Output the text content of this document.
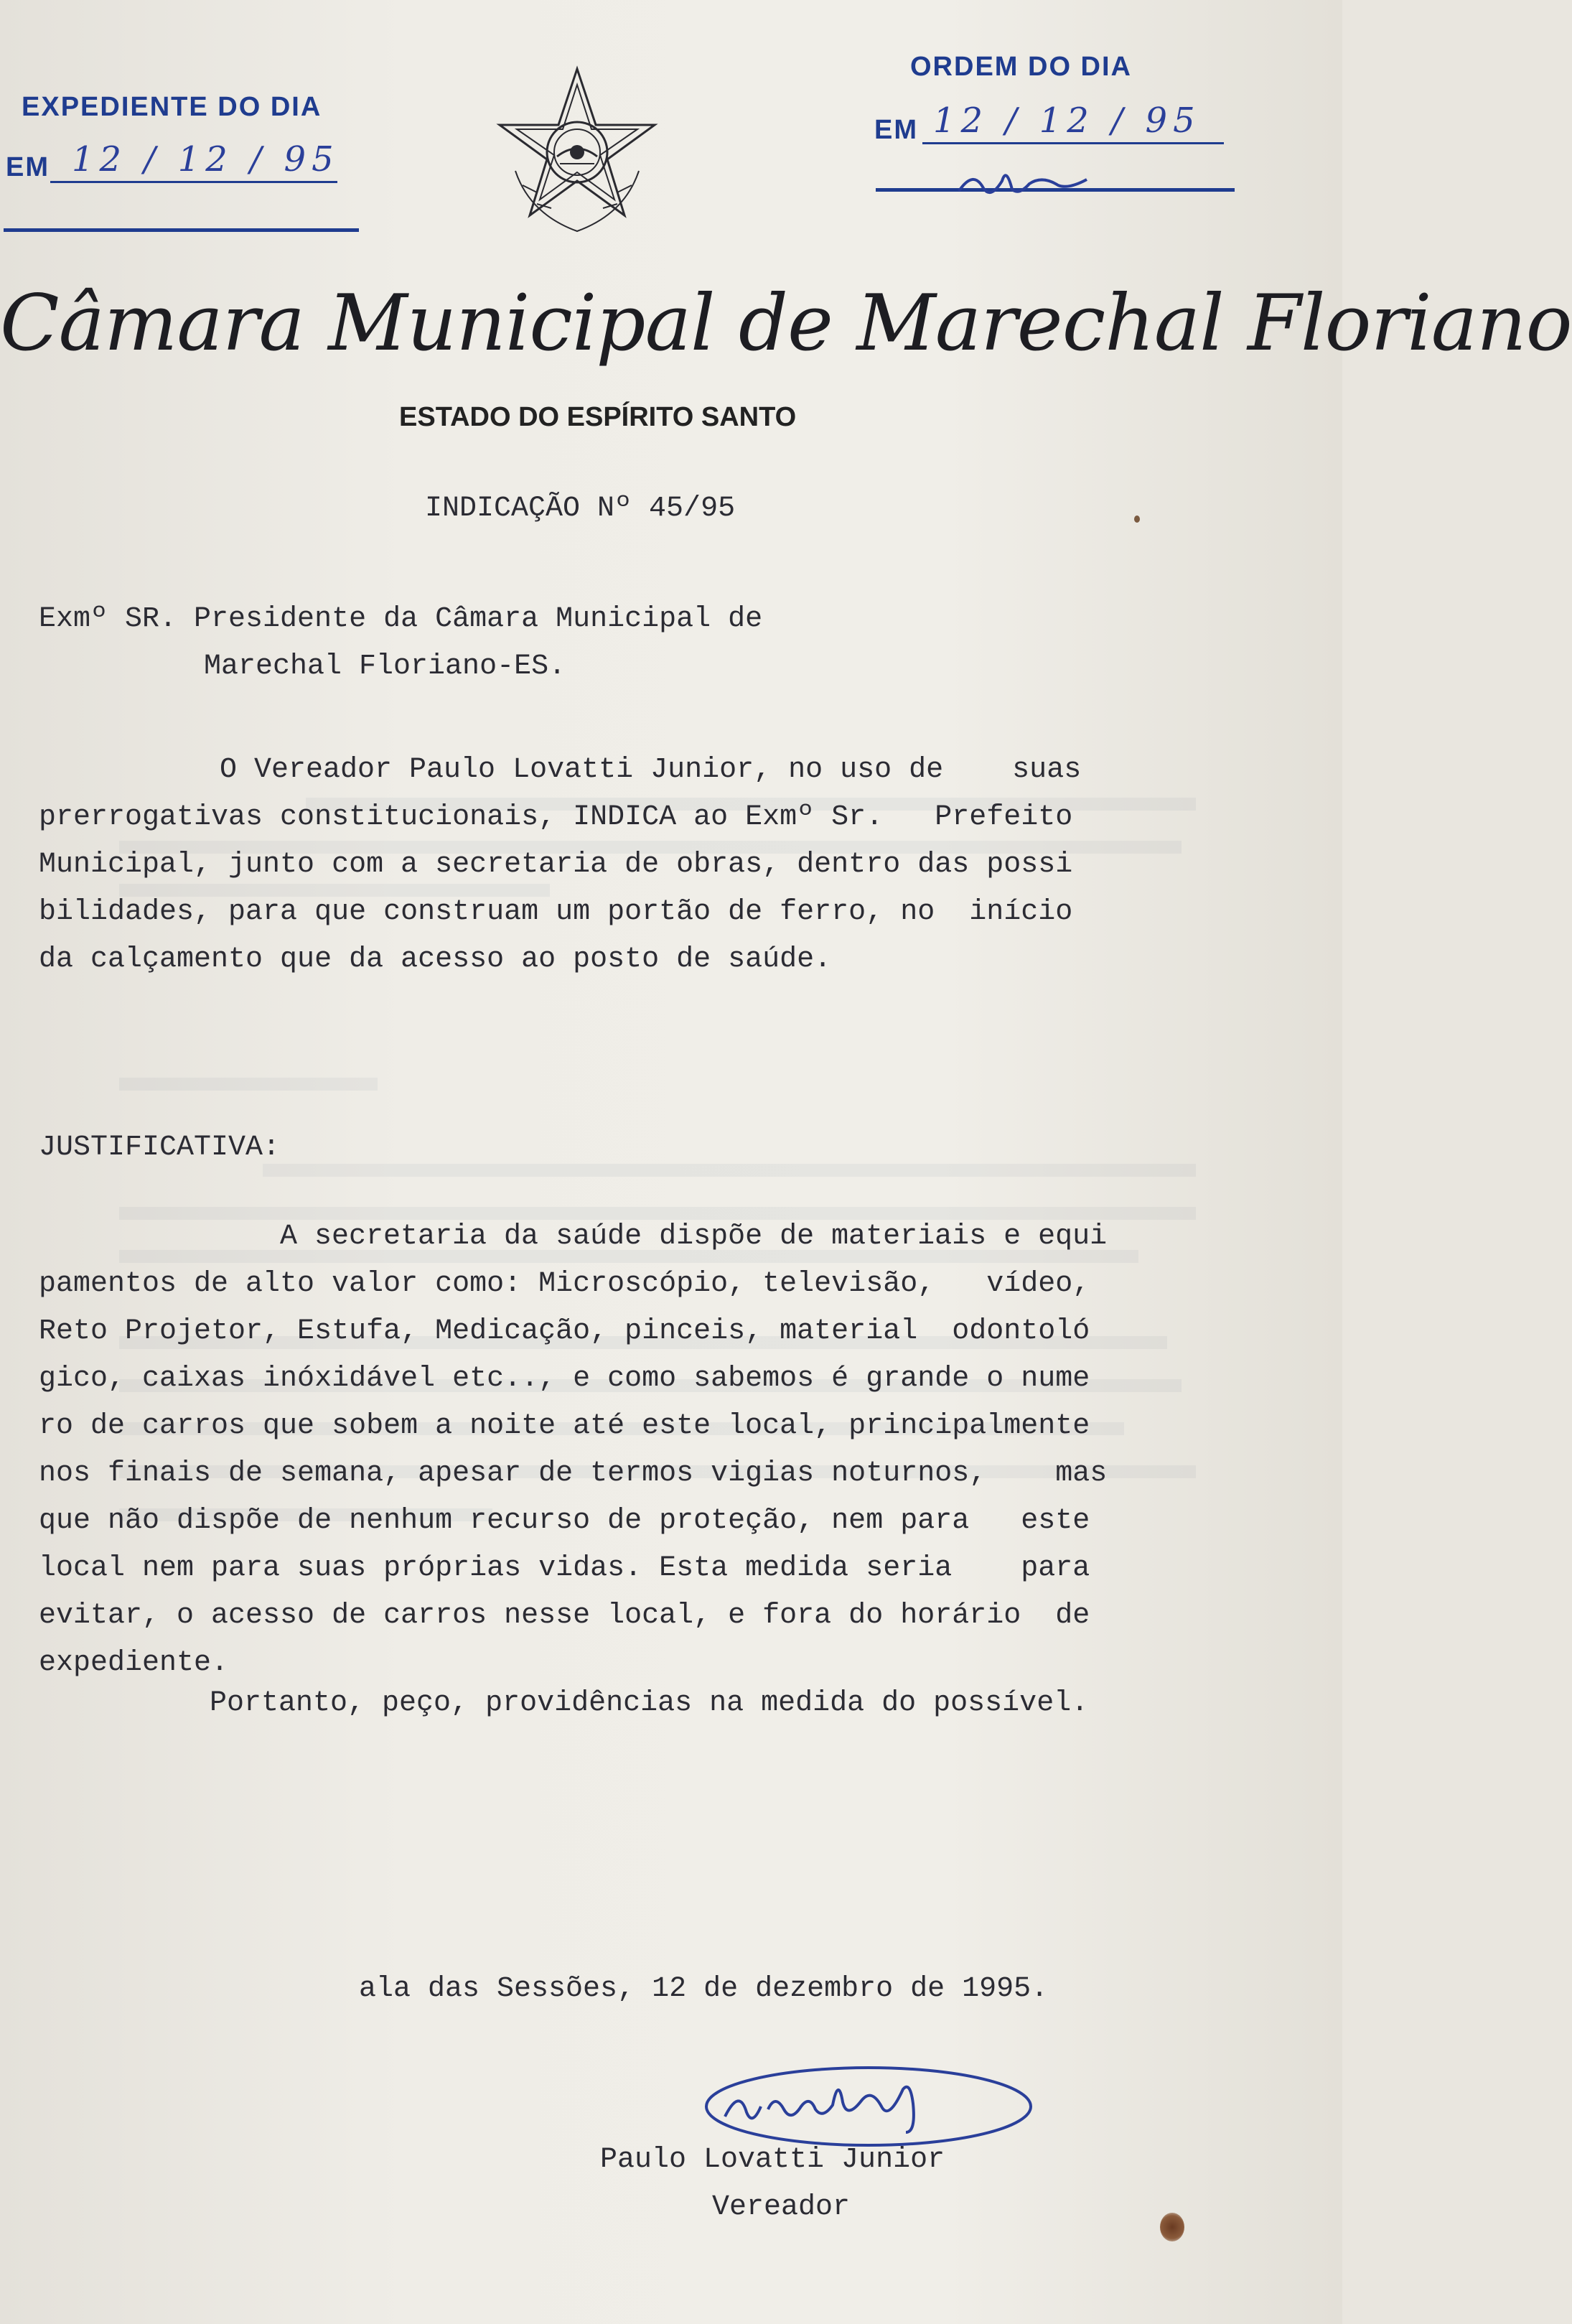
EXPEDIENTE DO DIA
EM 12 / 12 / 95
ORDEM DO DIA
EM 12 / 12 / 95
Câmara Municipal de Marechal Floriano
ESTADO DO ESPÍRITO SANTO
INDICAÇÃO Nº 45/95
Exmº SR. Presidente da Câmara Municipal de
Marechal Floriano-ES.
O Vereador Paulo Lovatti Junior, no uso de    suas
prerrogativas constitucionais, INDICA ao Exmº Sr.   Prefeito
Municipal, junto com a secretaria de obras, dentro das possi
bilidades, para que construam um portão de ferro, no  início
da calçamento que da acesso ao posto de saúde.
JUSTIFICATIVA:
A secretaria da saúde dispõe de materiais e equi
pamentos de alto valor como: Microscópio, televisão,   vídeo,
Reto Projetor, Estufa, Medicação, pinceis, material  odontoló
gico, caixas inóxidável etc.., e como sabemos é grande o nume
ro de carros que sobem a noite até este local, principalmente
nos finais de semana, apesar de termos vigias noturnos,    mas
que não dispõe de nenhum recurso de proteção, nem para   este
local nem para suas próprias vidas. Esta medida seria    para
evitar, o acesso de carros nesse local, e fora do horário  de
expediente.
Portanto, peço, providências na medida do possível.
ala das Sessões, 12 de dezembro de 1995.
Paulo Lovatti Junior
Vereador
